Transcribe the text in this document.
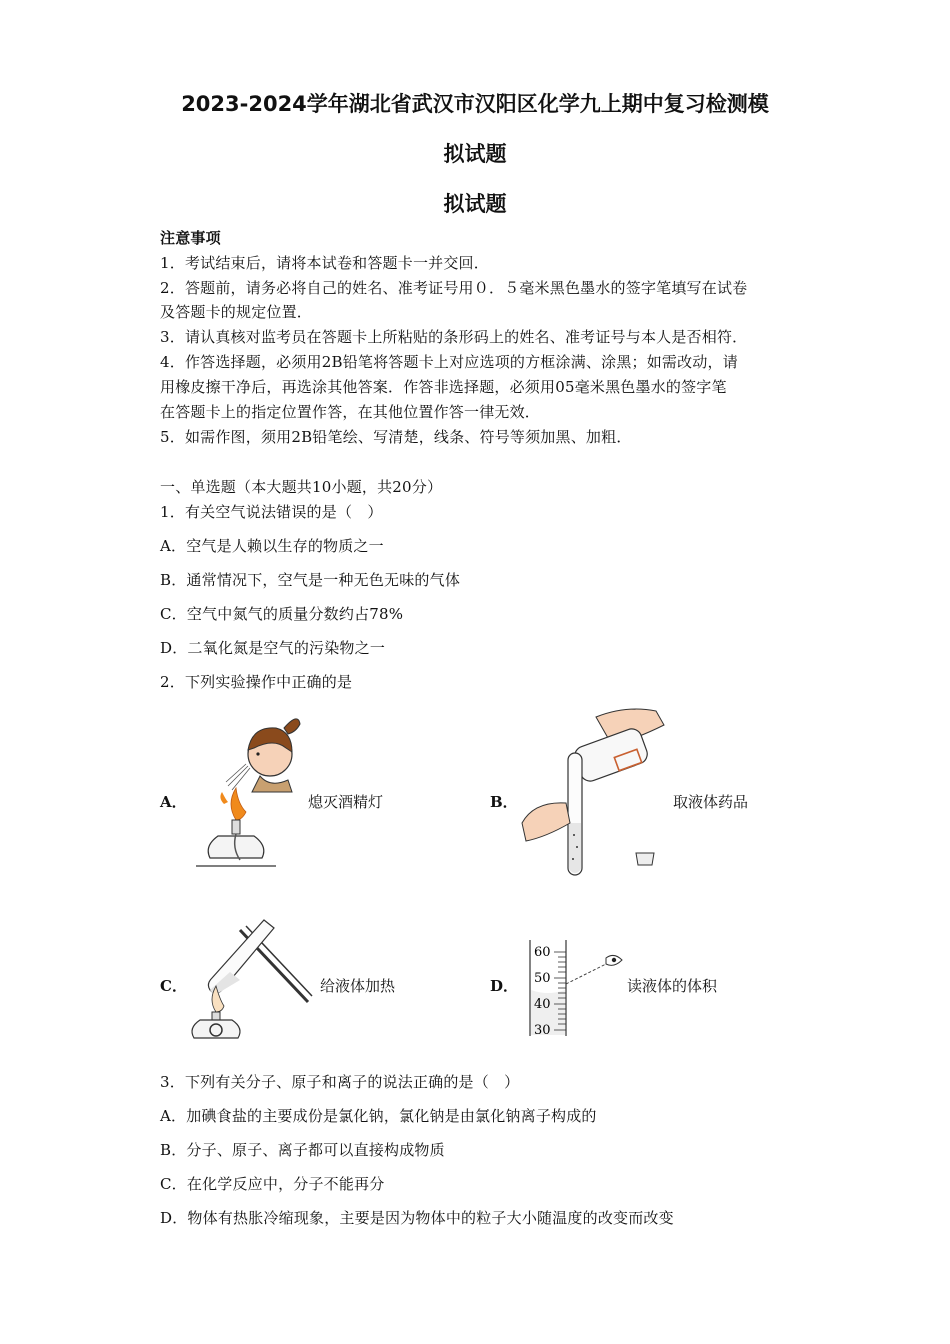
2023-2024学年湖北省武汉市汉阳区化学九上期中复习检测模
拟试题
拟试题
注意事项
1．考试结束后，请将本试卷和答题卡一并交回．
2．答题前，请务必将自己的姓名、准考证号用０．５毫米黑色墨水的签字笔填写在试卷
及答题卡的规定位置．
3．请认真核对监考员在答题卡上所粘贴的条形码上的姓名、准考证号与本人是否相符．
4．作答选择题，必须用2B铅笔将答题卡上对应选项的方框涂满、涂黑；如需改动，请
用橡皮擦干净后，再选涂其他答案．作答非选择题，必须用05毫米黑色墨水的签字笔
在答题卡上的指定位置作答，在其他位置作答一律无效．
5．如需作图，须用2B铅笔绘、写清楚，线条、符号等须加黑、加粗．
一、单选题（本大题共10小题，共20分）
1．有关空气说法错误的是（　）
A．空气是人赖以生存的物质之一
B．通常情况下，空气是一种无色无味的气体
C．空气中氮气的质量分数约占78%
D．二氧化氮是空气的污染物之一
2．下列实验操作中正确的是
A．	熄灭酒精灯	B．	取液体药品
C．	给液体加热	D．
60
50
40
30
读液体的体积
3．下列有关分子、原子和离子的说法正确的是（　）
A．加碘食盐的主要成份是氯化钠，氯化钠是由氯化钠离子构成的
B．分子、原子、离子都可以直接构成物质
C．在化学反应中，分子不能再分
D．物体有热胀冷缩现象，主要是因为物体中的粒子大小随温度的改变而改变
